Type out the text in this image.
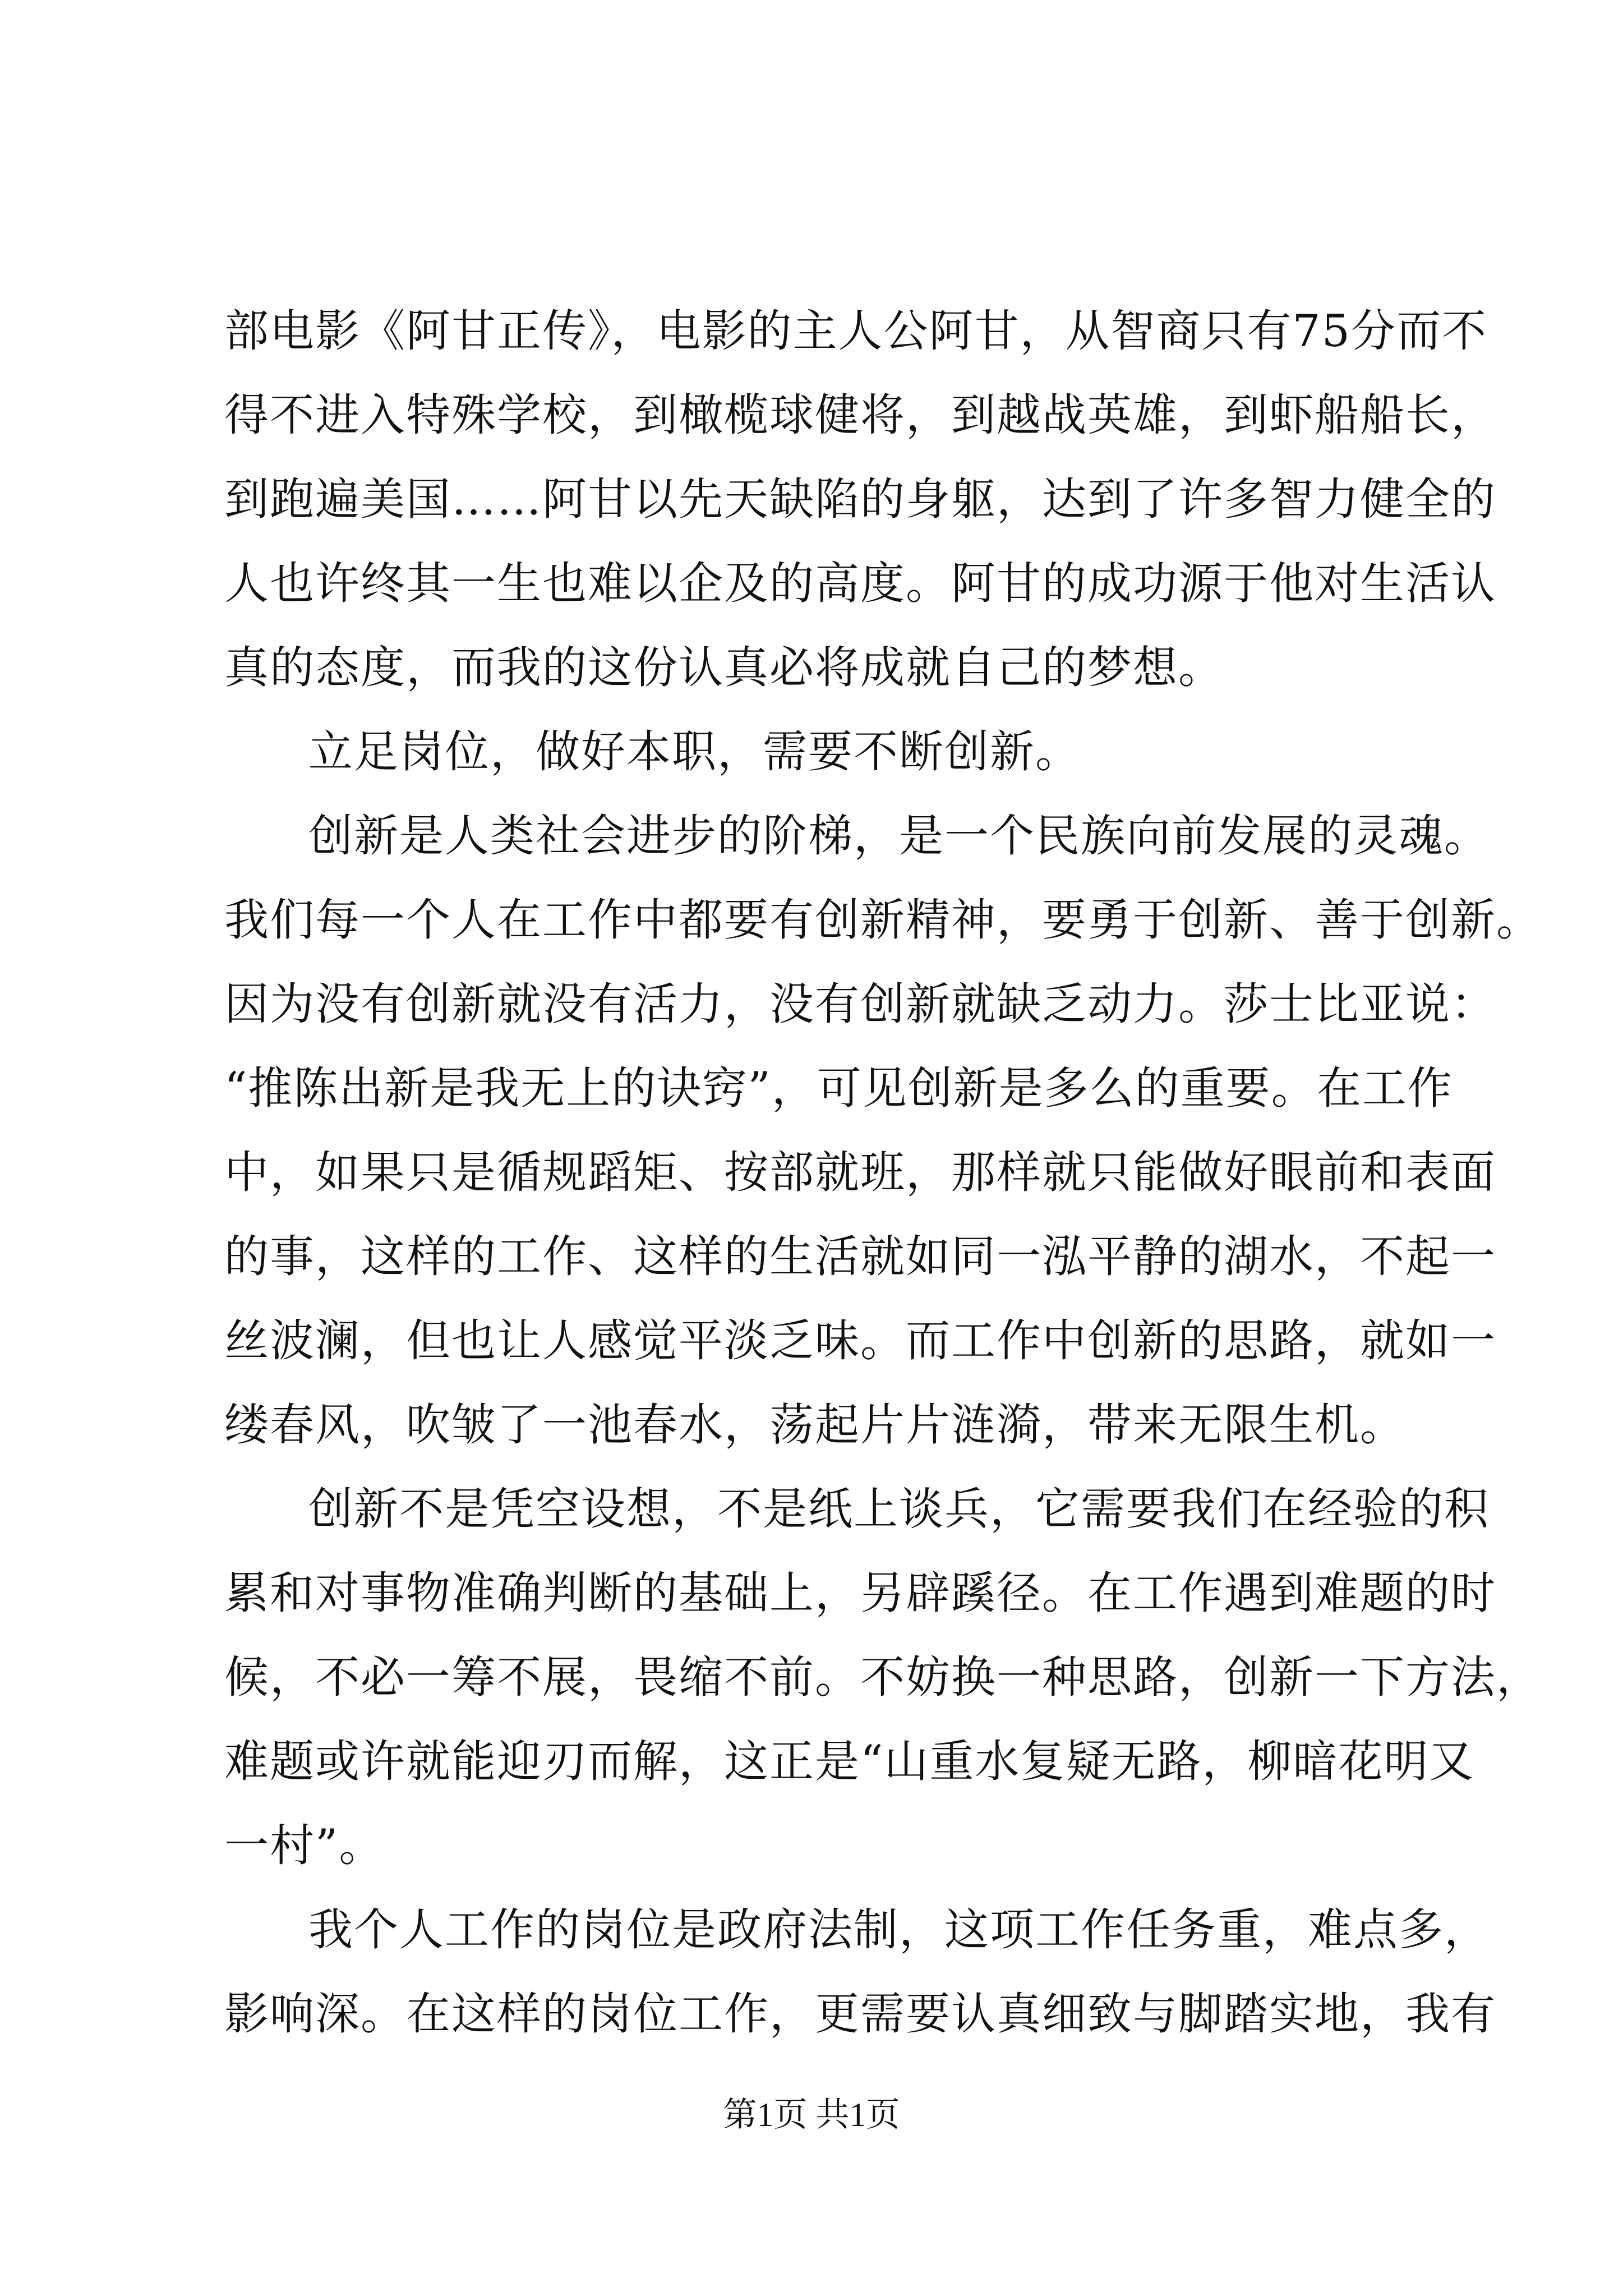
部电影《阿甘正传》，电影的主人公阿甘，从智商只有75分而不
得不进入特殊学校，到橄榄球健将，到越战英雄，到虾船船长，
到跑遍美国……阿甘以先天缺陷的身躯，达到了许多智力健全的
人也许终其一生也难以企及的高度。阿甘的成功源于他对生活认
真的态度，而我的这份认真必将成就自己的梦想。
立足岗位，做好本职，需要不断创新。
创新是人类社会进步的阶梯，是一个民族向前发展的灵魂。
我们每一个人在工作中都要有创新精神，要勇于创新、善于创新。
因为没有创新就没有活力，没有创新就缺乏动力。莎士比亚说：
“推陈出新是我无上的诀窍”，可见创新是多么的重要。在工作
中，如果只是循规蹈矩、按部就班，那样就只能做好眼前和表面
的事，这样的工作、这样的生活就如同一泓平静的湖水，不起一
丝波澜，但也让人感觉平淡乏味。而工作中创新的思路，就如一
缕春风，吹皱了一池春水，荡起片片涟漪，带来无限生机。
创新不是凭空设想，不是纸上谈兵，它需要我们在经验的积
累和对事物准确判断的基础上，另辟蹊径。在工作遇到难题的时
候，不必一筹不展，畏缩不前。不妨换一种思路，创新一下方法，
难题或许就能迎刃而解，这正是“山重水复疑无路，柳暗花明又
一村”。
我个人工作的岗位是政府法制，这项工作任务重，难点多，
影响深。在这样的岗位工作，更需要认真细致与脚踏实地，我有
第1页 共1页
